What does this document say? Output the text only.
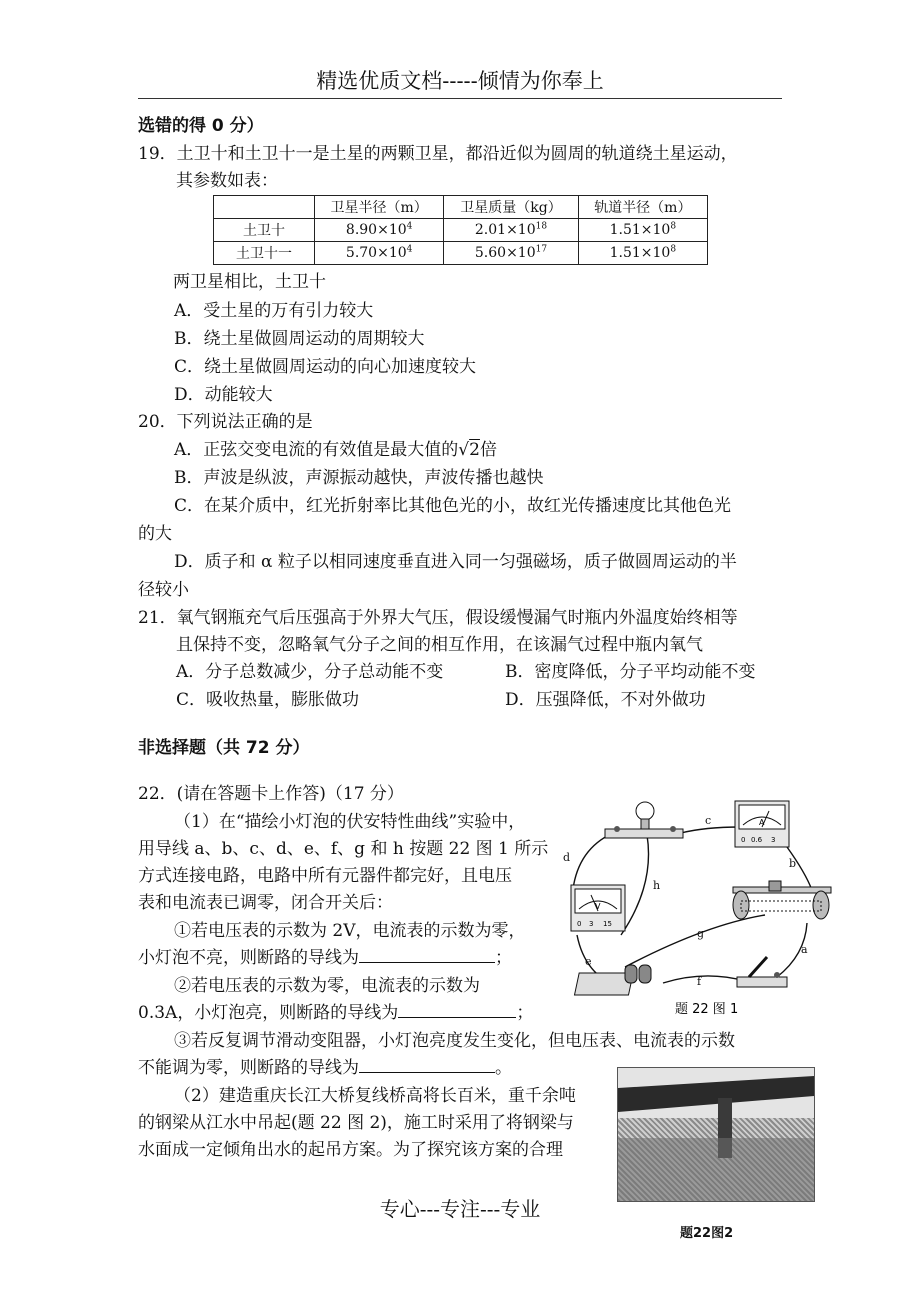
精选优质文档-----倾情为你奉上
选错的得 0 分）
19．土卫十和土卫十一是土星的两颗卫星，都沿近似为圆周的轨道绕土星运动，
其参数如表：
	卫星半径（m）	卫星质量（kg）	轨道半径（m）
土卫十	$8.90\times 10^4$	$2.01\times 10^{18}$	$1.51\times 10^8$
土卫十一	$5.70\times 10^4$	$5.60\times 10^{17}$	$1.51\times 10^8$
两卫星相比，土卫十
A．受土星的万有引力较大
B．绕土星做圆周运动的周期较大
C．绕土星做圆周运动的向心加速度较大
D．动能较大
20．下列说法正确的是
A．正弦交变电流的有效值是最大值的√2倍
B．声波是纵波，声源振动越快，声波传播也越快
C．在某介质中，红光折射率比其他色光的小，故红光传播速度比其他色光
的大
D．质子和 α 粒子以相同速度垂直进入同一匀强磁场，质子做圆周运动的半
径较小
21．氧气钢瓶充气后压强高于外界大气压，假设缓慢漏气时瓶内外温度始终相等
且保持不变，忽略氧气分子之间的相互作用，在该漏气过程中瓶内氧气
A．分子总数减少，分子总动能不变	B．密度降低，分子平均动能不变
C．吸收热量，膨胀做功	D．压强降低，不对外做功
非选择题（共 72 分）
22．(请在答题卡上作答)（17 分）
（1）在“描绘小灯泡的伏安特性曲线”实验中，
用导线 a、b、c、d、e、f、g 和 h 按题 22 图 1 所示
方式连接电路，电路中所有元器件都完好，且电压
表和电流表已调零，闭合开关后：
①若电压表的示数为 2V，电流表的示数为零，
小灯泡不亮，则断路的导线为	；
②若电压表的示数为零，电流表的示数为
0.3A，小灯泡亮，则断路的导线为	；
③若反复调节滑动变阻器，小灯泡亮度发生变化，但电压表、电流表的示数
不能调为零，则断路的导线为	。
（2）建造重庆长江大桥复线桥高将长百米，重千余吨
的钢梁从江水中吊起(题 22 图 2)，施工时采用了将钢梁与
水面成一定倾角出水的起吊方案。为了探究该方案的合理
A
0 0.6 3
V
0 3 15
c
b
d
h
g
e
f
a
题 22 图 1
题22图2
专心---专注---专业
